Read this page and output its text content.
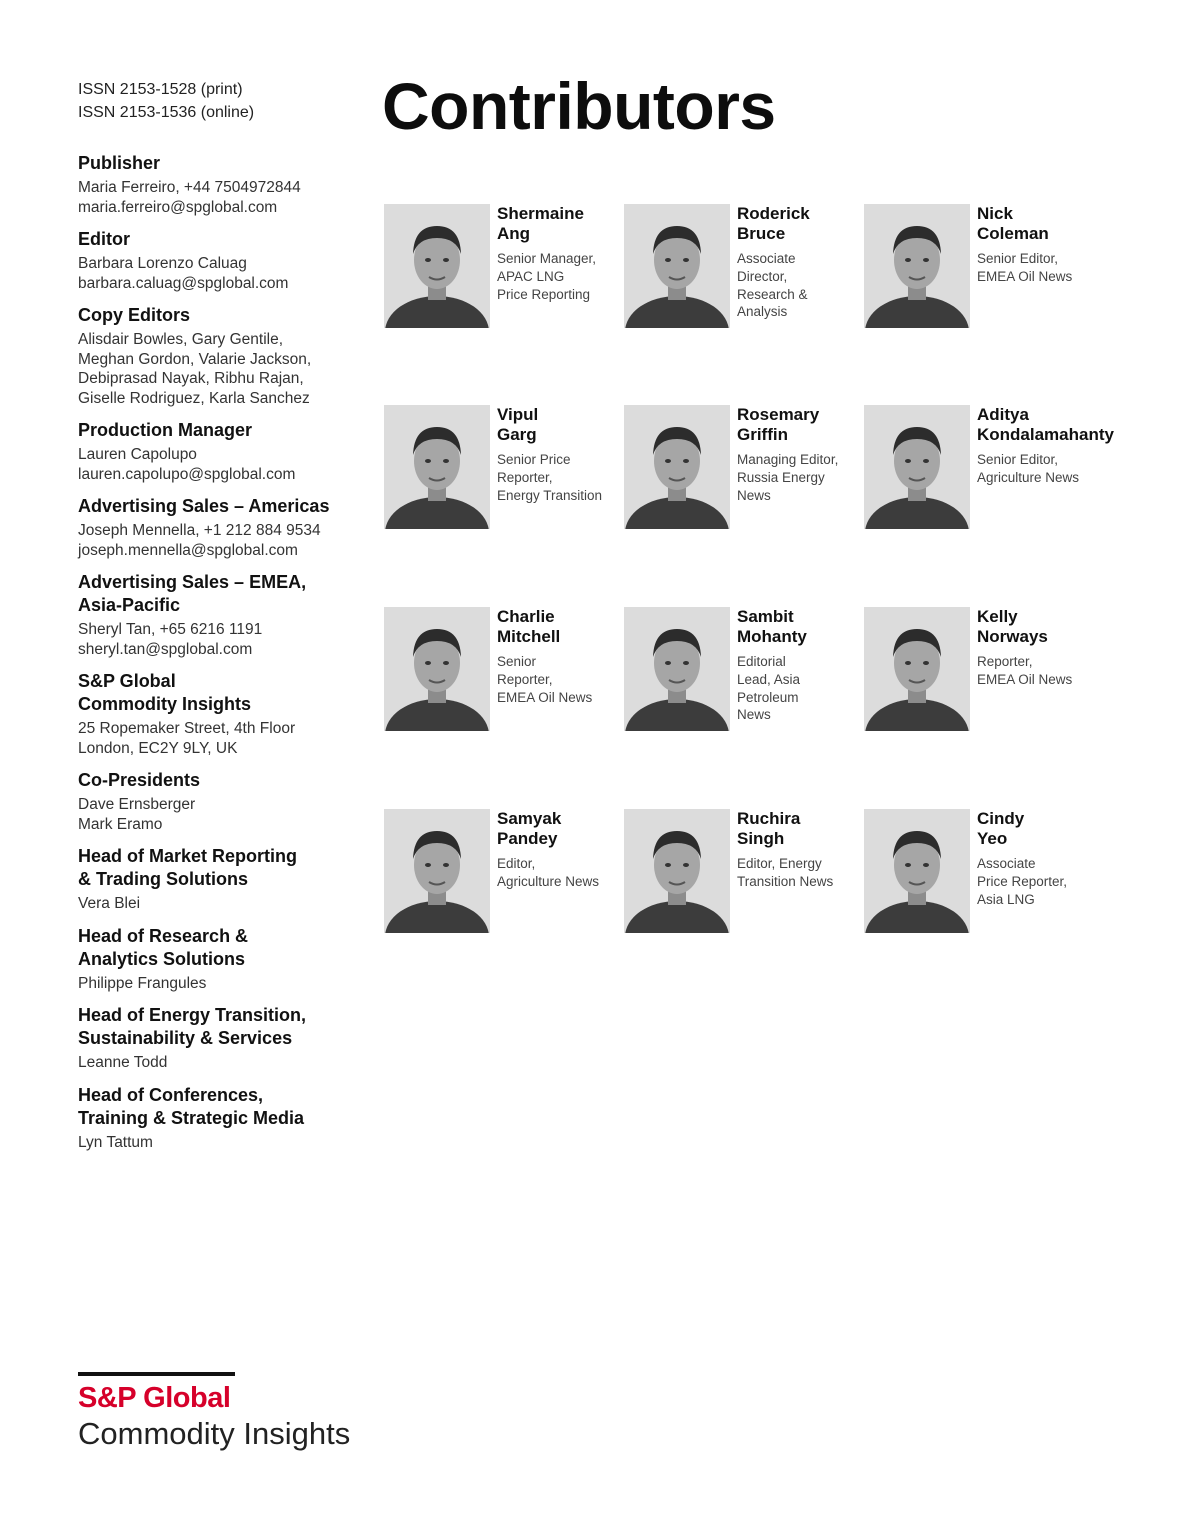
ISSN 2153-1528 (print)
ISSN 2153-1536 (online) Contributors
Publisher
Maria Ferreiro, +44 7504972844
maria.ferreiro@spglobal.com
Editor
Barbara Lorenzo Caluag
barbara.caluag@spglobal.com
Copy Editors
Alisdair Bowles, Gary Gentile,
Meghan Gordon, Valarie Jackson,
Debiprasad Nayak, Ribhu Rajan,
Giselle Rodriguez, Karla Sanchez
Production Manager
Lauren Capolupo
lauren.capolupo@spglobal.com
Advertising Sales – Americas
Joseph Mennella, +1 212 884 9534
joseph.mennella@spglobal.com
Advertising Sales – EMEA,
Asia-Pacific
Sheryl Tan, +65 6216 1191
sheryl.tan@spglobal.com
S&P Global
Commodity Insights
25 Ropemaker Street, 4th Floor
London, EC2Y 9LY, UK
Co-Presidents
Dave Ernsberger
Mark Eramo
Head of Market Reporting
& Trading Solutions
Vera Blei
Head of Research &
Analytics Solutions
Philippe Frangules
Head of Energy Transition,
Sustainability & Services
Leanne Todd
Head of Conferences,
Training & Strategic Media
Lyn Tattum
Shermaine
Ang
Senior Manager,
APAC LNG
Price Reporting
Roderick
Bruce
Associate
Director,
Research &
Analysis
Nick
Coleman
Senior Editor,
EMEA Oil News
Vipul
Garg
Senior Price
Reporter,
Energy Transition
Rosemary
Griffin
Managing Editor,
Russia Energy
News
Aditya
Kondalamahanty
Senior Editor,
Agriculture News
Charlie
Mitchell
Senior
Reporter,
EMEA Oil News
Sambit
Mohanty
Editorial
Lead, Asia
Petroleum
News
Kelly
Norways
Reporter,
EMEA Oil News
Samyak
Pandey
Editor,
Agriculture News
Ruchira
Singh
Editor, Energy
Transition News
Cindy
Yeo
Associate
Price Reporter,
Asia LNG
S&P Global
Commodity Insights
